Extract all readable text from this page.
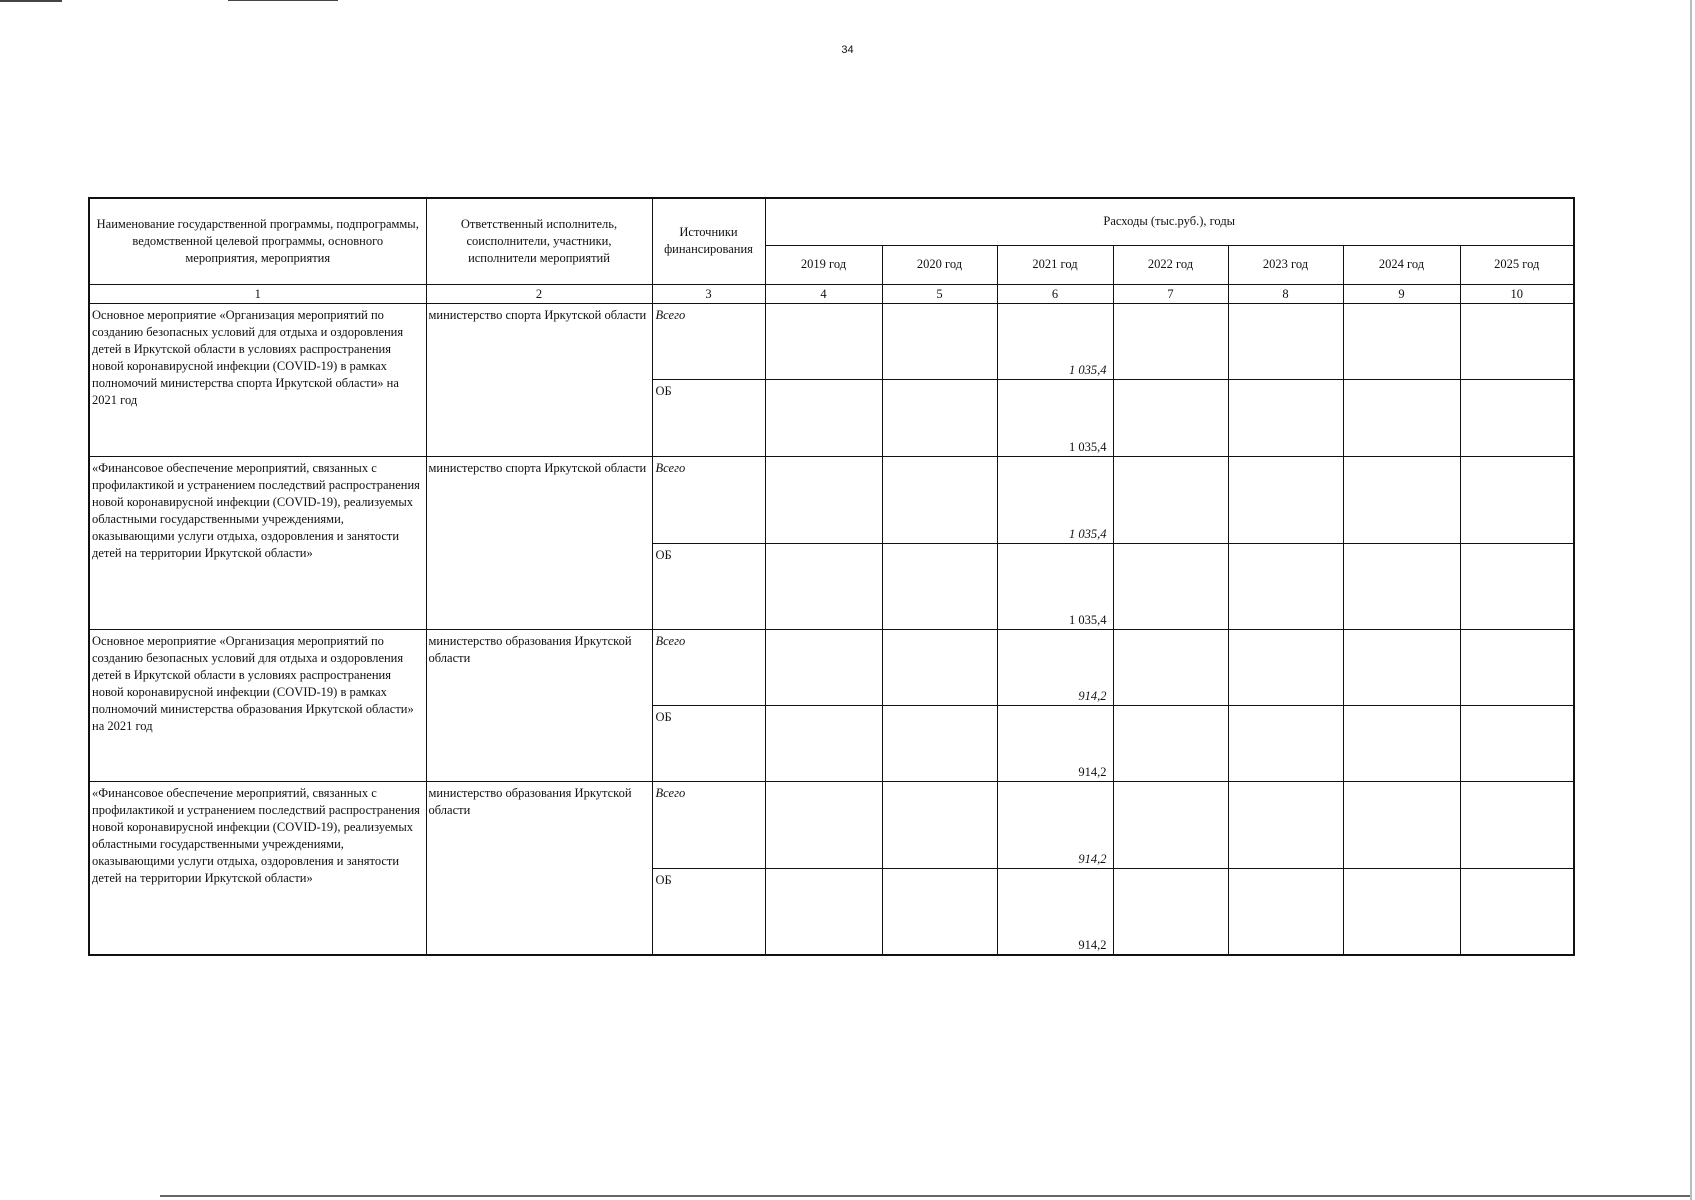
34
Наименование государственной программы, подпрограммы, ведомственной целевой программы, основного мероприятия, мероприятия	Ответственный исполнитель, соисполнители, участники, исполнители мероприятий	Источники финансирования	Расходы (тыс.руб.), годы						
			2019 год	2020 год	2021 год	2022 год	2023 год	2024 год	2025 год
1	2	3	4	5	6	7	8	9	10
Основное мероприятие «Организация мероприятий по созданию безопасных условий для отдыха и оздоровления детей в Иркутской области в условиях распространения новой коронавирусной инфекции (COVID-19) в рамках полномочий министерства спорта Иркутской области» на 2021 год	министерство спорта Иркутской области	Всего			1 035,4				
		ОБ			1 035,4				
«Финансовое обеспечение мероприятий, связанных с профилактикой и устранением последствий распространения новой коронавирусной инфекции (COVID-19), реализуемых областными государственными учреждениями, оказывающими услуги отдыха, оздоровления и занятости детей на территории Иркутской области»	министерство спорта Иркутской области	Всего			1 035,4				
		ОБ			1 035,4				
Основное мероприятие «Организация мероприятий по созданию безопасных условий для отдыха и оздоровления детей в Иркутской области в условиях распространения новой коронавирусной инфекции (COVID-19) в рамках полномочий министерства образования Иркутской области» на 2021 год	министерство образования Иркутской области	Всего			914,2				
		ОБ			914,2				
«Финансовое обеспечение мероприятий, связанных с профилактикой и устранением последствий распространения новой коронавирусной инфекции (COVID-19), реализуемых областными государственными учреждениями, оказывающими услуги отдыха, оздоровления и занятости детей на территории Иркутской области»	министерство образования Иркутской области	Всего			914,2				
		ОБ			914,2				
